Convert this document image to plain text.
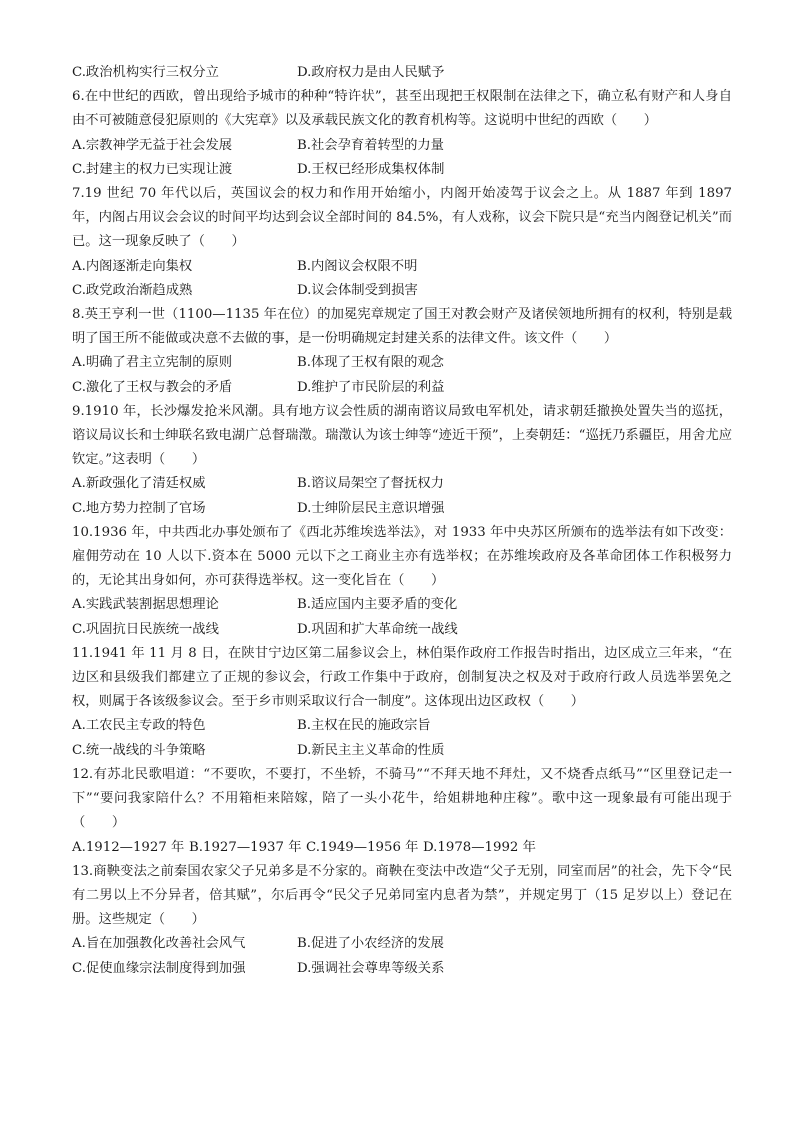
C.政治机构实行三权分立	D.政府权力是由人民赋予
6.在中世纪的西欧，曾出现给予城市的种种“特许状”，甚至出现把王权限制在法律之下，确立私有财产和人身自由不可被随意侵犯原则的《大宪章》以及承载民族文化的教育机构等。这说明中世纪的西欧（　　）
A.宗教神学无益于社会发展	B.社会孕育着转型的力量
C.封建主的权力已实现让渡	D.王权已经形成集权体制
7.19 世纪 70 年代以后，英国议会的权力和作用开始缩小，内阁开始凌驾于议会之上。从 1887 年到 1897 年，内阁占用议会会议的时间平均达到会议全部时间的 84.5%，有人戏称，议会下院只是“充当内阁登记机关”而已。这一现象反映了（　　）
A.内阁逐渐走向集权	B.内阁议会权限不明
C.政党政治渐趋成熟	D.议会体制受到损害
8.英王亨利一世（1100—1135 年在位）的加冕宪章规定了国王对教会财产及诸侯领地所拥有的权利，特别是载明了国王所不能做或决意不去做的事，是一份明确规定封建关系的法律文件。该文件（　　）
A.明确了君主立宪制的原则	B.体现了王权有限的观念
C.激化了王权与教会的矛盾	D.维护了市民阶层的利益
9.1910 年，长沙爆发抢米风潮。具有地方议会性质的湖南谘议局致电军机处，请求朝廷撤换处置失当的巡抚，谘议局议长和士绅联名致电湖广总督瑞澂。瑞澂认为该士绅等“迹近干预”，上奏朝廷：“巡抚乃系疆臣，用舍尤应钦定。”这表明（　　）
A.新政强化了清廷权威	B.谘议局架空了督抚权力
C.地方势力控制了官场	D.士绅阶层民主意识增强
10.1936 年，中共西北办事处颁布了《西北苏维埃选举法》，对 1933 年中央苏区所颁布的选举法有如下改变：雇佣劳动在 10 人以下.资本在 5000 元以下之工商业主亦有选举权；在苏维埃政府及各革命团体工作积极努力的，无论其出身如何，亦可获得选举权。这一变化旨在（　　）
A.实践武装割据思想理论	B.适应国内主要矛盾的变化
C.巩固抗日民族统一战线	D.巩固和扩大革命统一战线
11.1941 年 11 月 8 日，在陕甘宁边区第二届参议会上，林伯渠作政府工作报告时指出，边区成立三年来，“在边区和县级我们都建立了正规的参议会，行政工作集中于政府，创制复决之权及对于政府行政人员选举罢免之权，则属于各该级参议会。至于乡市则采取议行合一制度”。这体现出边区政权（　　）
A.工农民主专政的特色	B.主权在民的施政宗旨
C.统一战线的斗争策略	D.新民主主义革命的性质
12.有苏北民歌唱道：“不要吹，不要打，不坐轿，不骑马”“不拜天地不拜灶，又不烧香点纸马”“区里登记走一下”“要问我家陪什么？不用箱柜来陪嫁，陪了一头小花牛，给姐耕地种庄稼”。歌中这一现象最有可能出现于（　　）
A.1912—1927 年 B.1927—1937 年 C.1949—1956 年 D.1978—1992 年
13.商鞅变法之前秦国农家父子兄弟多是不分家的。商鞅在变法中改造“父子无别，同室而居”的社会，先下令“民有二男以上不分异者，倍其赋”，尔后再令“民父子兄弟同室内息者为禁”，并规定男丁（15 足岁以上）登记在册。这些规定（　　）
A.旨在加强教化改善社会风气	B.促进了小农经济的发展
C.促使血缘宗法制度得到加强	D.强调社会尊卑等级关系
